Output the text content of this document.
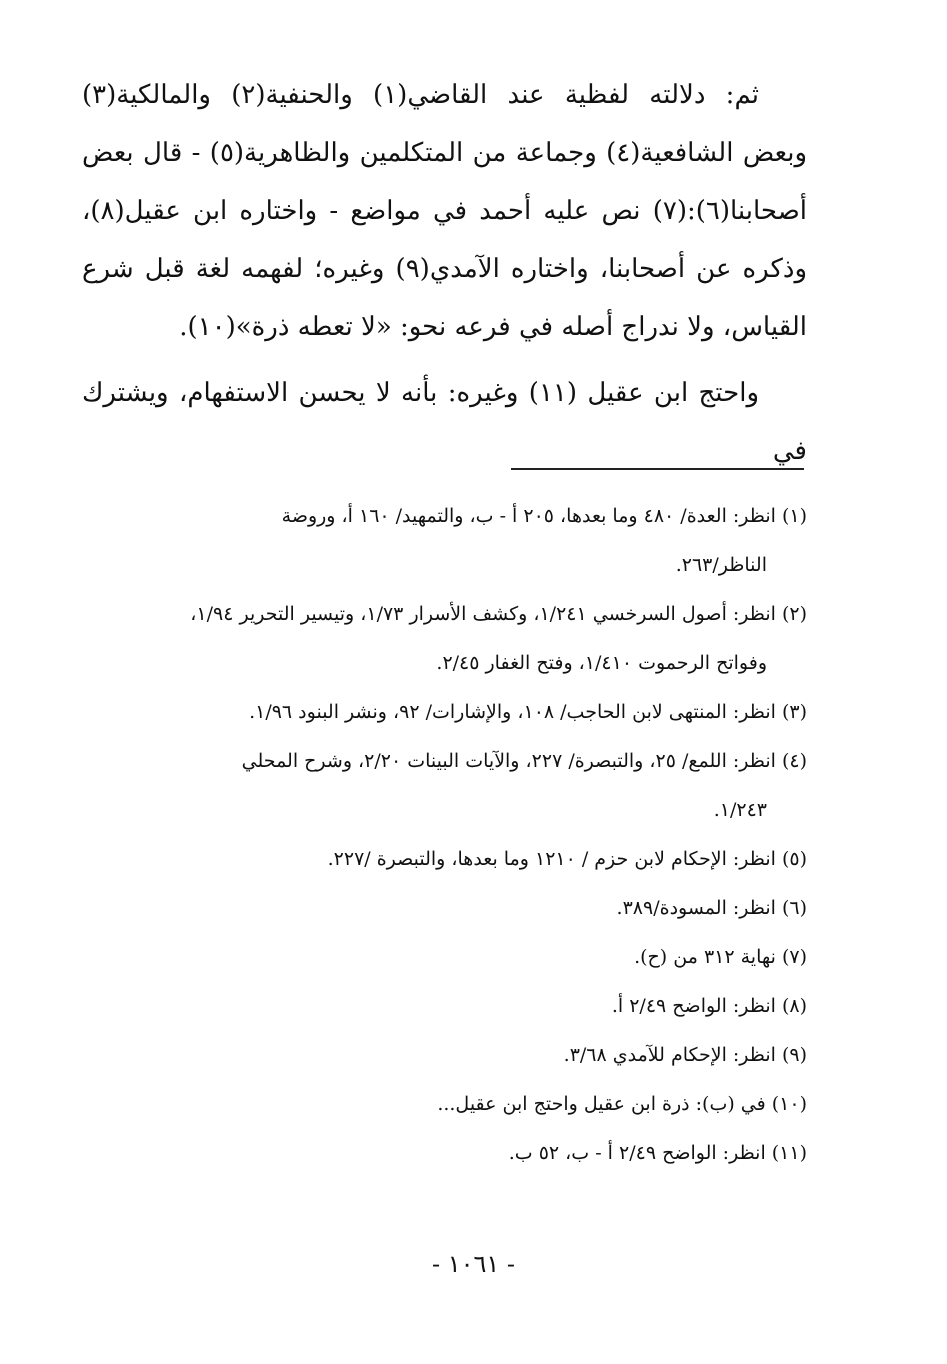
ثم: دلالته لفظية عند القاضي(١) والحنفية(٢) والمالكية(٣) وبعض الشافعية(٤) وجماعة من المتكلمين والظاهرية(٥) - قال بعض أصحابنا(٦):(٧) نص عليه أحمد في مواضع - واختاره ابن عقيل(٨)، وذكره عن أصحابنا، واختاره الآمدي(٩) وغيره؛ لفهمه لغة قبل شرع القياس، ولا ندراج أصله في فرعه نحو: «لا تعطه ذرة»(١٠).

واحتج ابن عقيل (١١) وغيره: بأنه لا يحسن الاستفهام، ويشترك في

(١)انظر: العدة/ ٤٨٠ وما بعدها، ٢٠٥ أ - ب، والتمهيد/ ١٦٠ أ، وروضة

الناظر/٢٦٣.

(٢)انظر: أصول السرخسي ١/٢٤١، وكشف الأسرار ١/٧٣، وتيسير التحرير ١/٩٤،

وفواتح الرحموت ١/٤١٠، وفتح الغفار ٢/٤٥.

(٣)انظر: المنتهى لابن الحاجب/ ١٠٨، والإشارات/ ٩٢، ونشر البنود ١/٩٦.

(٤)انظر: اللمع/ ٢٥، والتبصرة/ ٢٢٧، والآيات البينات ٢/٢٠، وشرح المحلي

١/٢٤٣.

(٥)انظر: الإحكام لابن حزم / ١٢١٠ وما بعدها، والتبصرة /٢٢٧.

(٦)انظر: المسودة/٣٨٩.

(٧)نهاية ٣١٢ من (ح).

(٨)انظر: الواضح ٢/٤٩ أ.

(٩)انظر: الإحكام للآمدي ٣/٦٨.

(١٠)في (ب): ذرة ابن عقيل واحتج ابن عقيل...

(١١)انظر: الواضح ٢/٤٩ أ - ب، ٥٢ ب.

- ١٠٦١ -
